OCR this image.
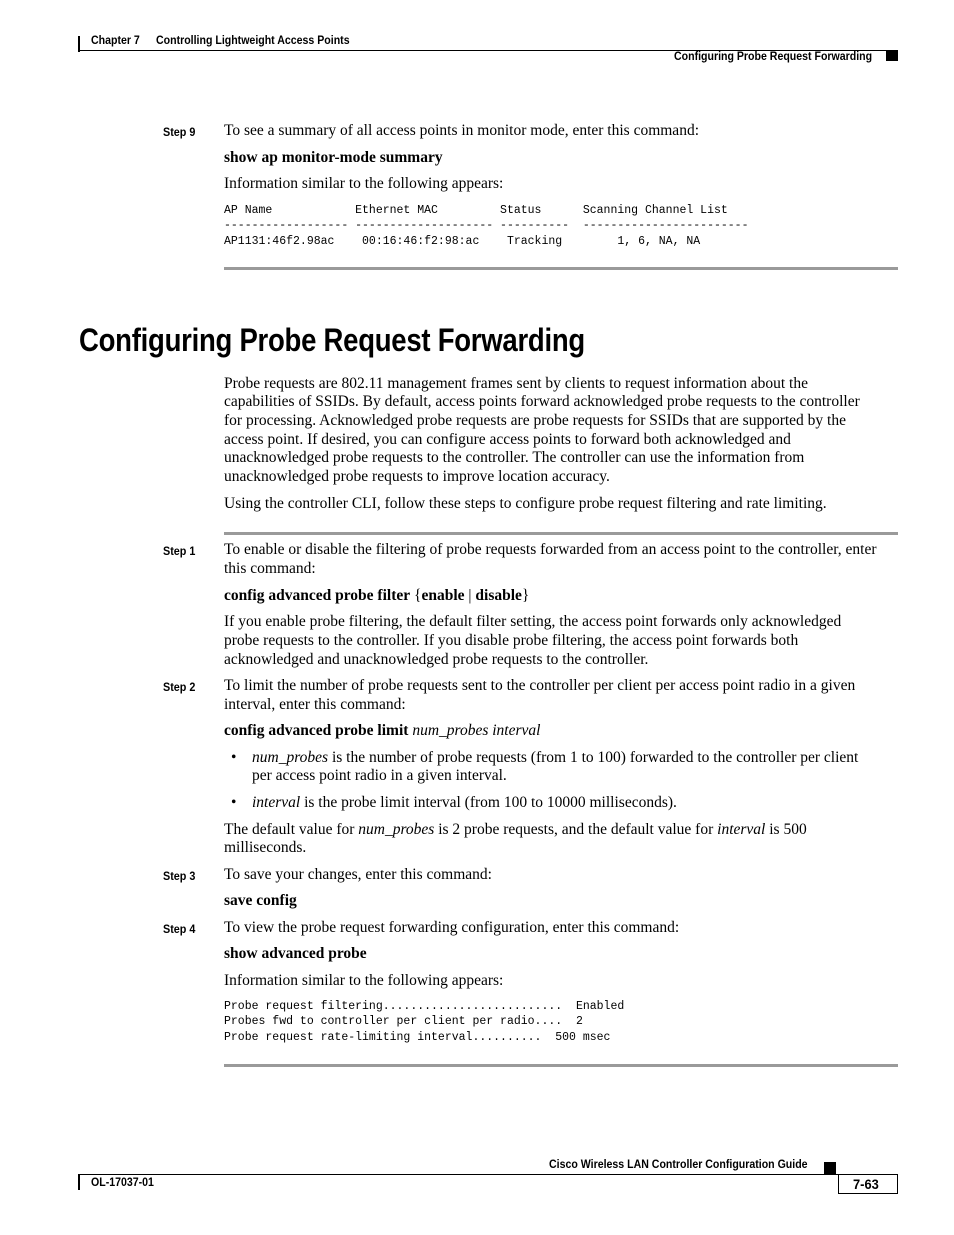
Chapter 7 Controlling Lightweight Access Points
Configuring Probe Request Forwarding
Step 9 To see a summary of all access points in monitor mode, enter this command:
show ap monitor-mode summary
Information similar to the following appears:
AP Name            Ethernet MAC         Status      Scanning Channel List
------------------ -------------------- ----------  ------------------------
AP1131:46f2.98ac    00:16:46:f2:98:ac    Tracking        1, 6, NA, NA
Configuring Probe Request Forwarding
Probe requests are 802.11 management frames sent by clients to request information about the
capabilities of SSIDs. By default, access points forward acknowledged probe requests to the controller
for processing. Acknowledged probe requests are probe requests for SSIDs that are supported by the
access point. If desired, you can configure access points to forward both acknowledged and
unacknowledged probe requests to the controller. The controller can use the information from
unacknowledged probe requests to improve location accuracy.
Using the controller CLI, follow these steps to configure probe request filtering and rate limiting.
Step 1 To enable or disable the filtering of probe requests forwarded from an access point to the controller, enter
this command:
config advanced probe filter {enable | disable}
If you enable probe filtering, the default filter setting, the access point forwards only acknowledged
probe requests to the controller. If you disable probe filtering, the access point forwards both
acknowledged and unacknowledged probe requests to the controller.
Step 2 To limit the number of probe requests sent to the controller per client per access point radio in a given
interval, enter this command:
config advanced probe limit num_probes interval
• num_probes is the number of probe requests (from 1 to 100) forwarded to the controller per client
per access point radio in a given interval.
• interval is the probe limit interval (from 100 to 10000 milliseconds).
The default value for num_probes is 2 probe requests, and the default value for interval is 500
milliseconds.
Step 3 To save your changes, enter this command:
save config
Step 4 To view the probe request forwarding configuration, enter this command:
show advanced probe
Information similar to the following appears:
Probe request filtering..........................  Enabled
Probes fwd to controller per client per radio....  2
Probe request rate-limiting interval..........  500 msec
Cisco Wireless LAN Controller Configuration Guide
OL-17037-01	7-63
